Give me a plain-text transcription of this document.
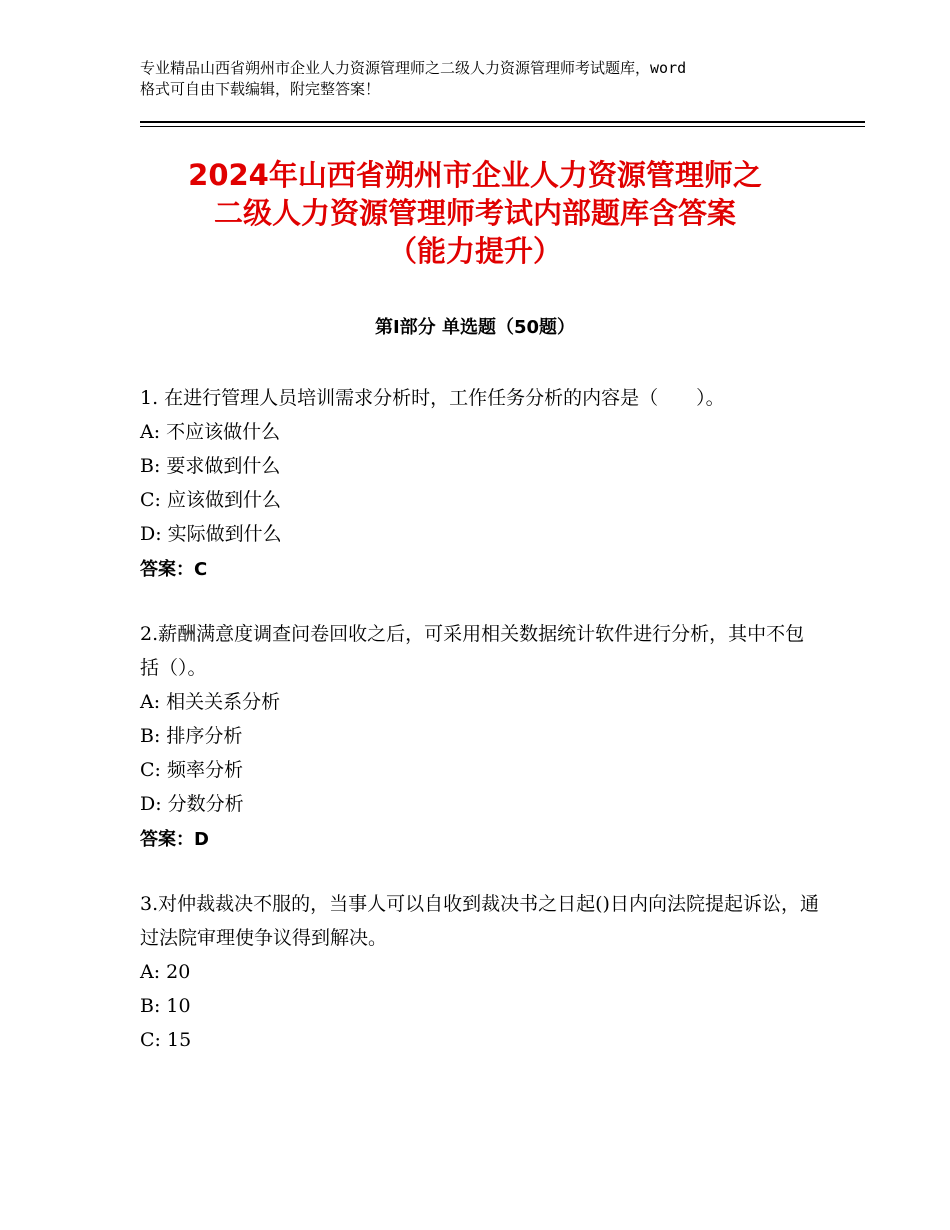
专业精品山西省朔州市企业人力资源管理师之二级人力资源管理师考试题库，word
格式可自由下载编辑，附完整答案！
2024年山西省朔州市企业人力资源管理师之
二级人力资源管理师考试内部题库含答案
（能力提升）
第Ⅰ部分 单选题（50题）
1. 在进行管理人员培训需求分析时，工作任务分析的内容是（　　）。
A: 不应该做什么
B: 要求做到什么
C: 应该做到什么
D: 实际做到什么
答案：C
2.薪酬满意度调查问卷回收之后，可采用相关数据统计软件进行分析，其中不包括（）。
A: 相关关系分析
B: 排序分析
C: 频率分析
D: 分数分析
答案：D
3.对仲裁裁决不服的，当事人可以自收到裁决书之日起()日内向法院提起诉讼，通过法院审理使争议得到解决。
A: 20
B: 10
C: 15
